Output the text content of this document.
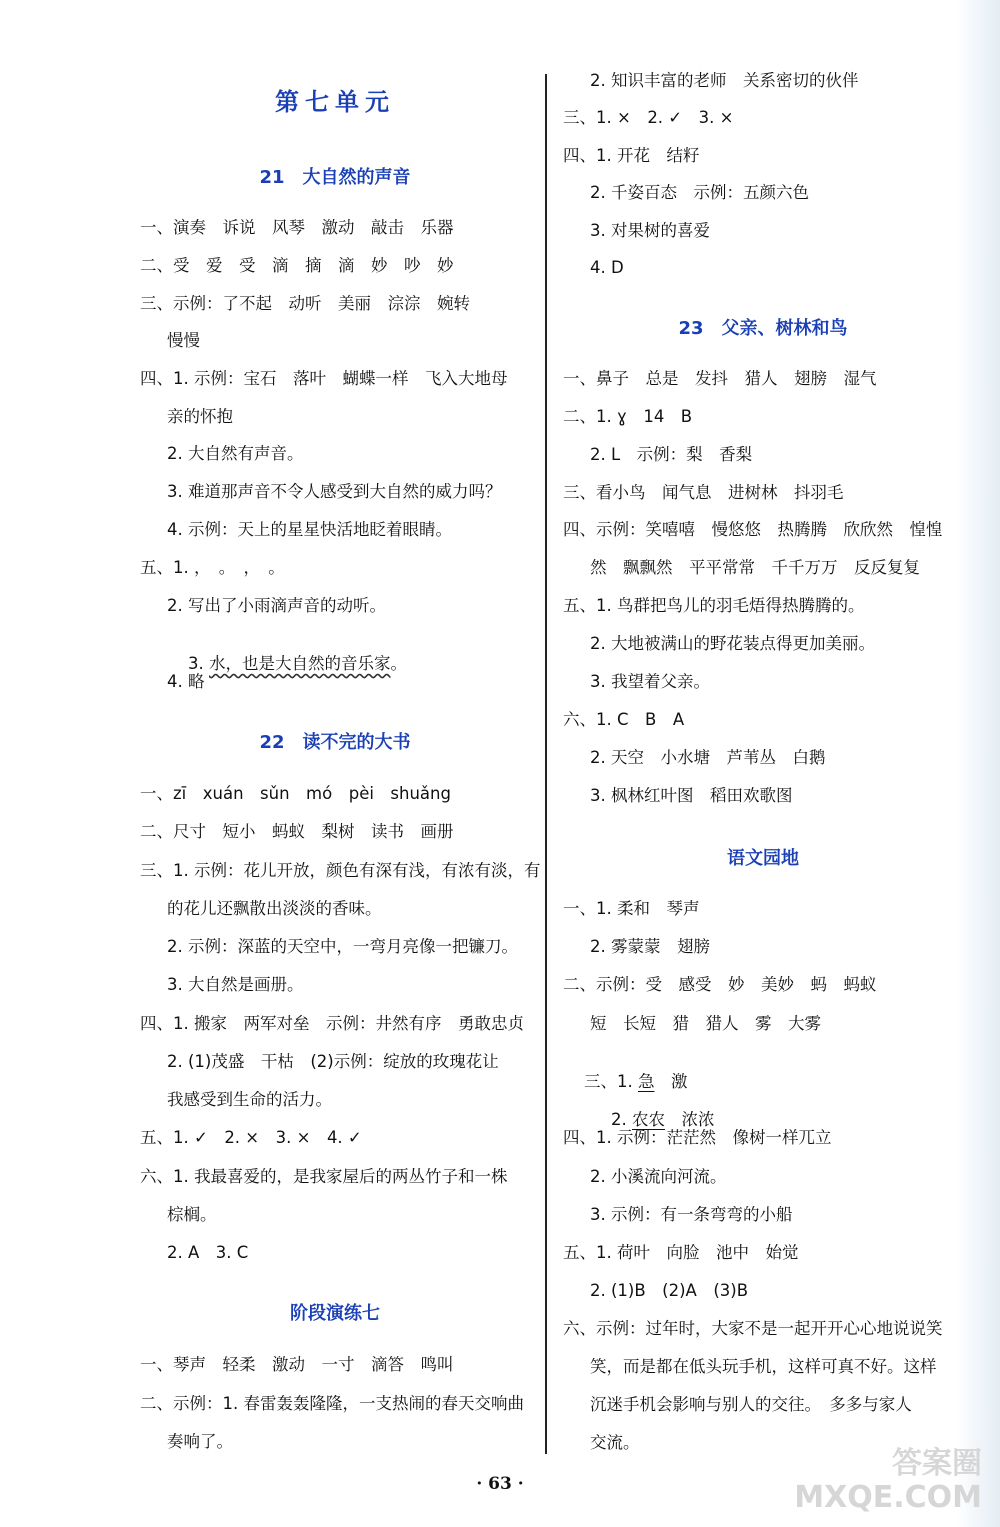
第七单元
21　大自然的声音
一、演奏　诉说　风琴　激动　敲击　乐器
二、受　爱　受　滴　摘　滴　妙　吵　妙
三、示例：了不起　动听　美丽　淙淙　婉转
慢慢
四、1. 示例：宝石　落叶　蝴蝶一样　飞入大地母
亲的怀抱
2. 大自然有声音。
3. 难道那声音不令人感受到大自然的威力吗？
4. 示例：天上的星星快活地眨着眼睛。
五、1. ，　。　，　。
2. 写出了小雨滴声音的动听。

3. 水，也是大自然的音乐家。

4. 略
22　读不完的大书
一、zī　xuán　sǔn　mó　pèi　shuǎng
二、尺寸　短小　蚂蚁　梨树　读书　画册
三、1. 示例：花儿开放，颜色有深有浅，有浓有淡，有
的花儿还飘散出淡淡的香味。
2. 示例：深蓝的天空中，一弯月亮像一把镰刀。
3. 大自然是画册。
四、1. 搬家　两军对垒　示例：井然有序　勇敢忠贞
2. (1)茂盛　干枯　(2)示例：绽放的玫瑰花让
我感受到生命的活力。
五、1. ✓　2. ×　3. ×　4. ✓
六、1. 我最喜爱的，是我家屋后的两丛竹子和一株
棕榈。
2. A　3. C
阶段演练七
一、琴声　轻柔　激动　一寸　滴答　鸣叫
二、示例：1. 春雷轰轰隆隆，一支热闹的春天交响曲
奏响了。
2. 知识丰富的老师　关系密切的伙伴
三、1. ×　2. ✓　3. ×
四、1. 开花　结籽
2. 千姿百态　示例：五颜六色
3. 对果树的喜爱
4. D
23　父亲、树林和鸟
一、鼻子　总是　发抖　猎人　翅膀　湿气
二、1. ɣ　14　B
2. L　示例：梨　香梨
三、看小鸟　闻气息　进树林　抖羽毛
四、示例：笑嘻嘻　慢悠悠　热腾腾　欣欣然　惶惶
然　飘飘然　平平常常　千千万万　反反复复
五、1. 鸟群把鸟儿的羽毛焐得热腾腾的。
2. 大地被满山的野花装点得更加美丽。
3. 我望着父亲。
六、1. C　B　A
2. 天空　小水塘　芦苇丛　白鹅
3. 枫林红叶图　稻田欢歌图
语文园地
一、1. 柔和　琴声
2. 雾蒙蒙　翅膀
二、示例：受　感受　妙　美妙　蚂　蚂蚁
短　长短　猎　猎人　雾　大雾

三、1. 急　激

2. 农农　浓浓

四、1. 示例：茫茫然　像树一样兀立
2. 小溪流向河流。
3. 示例：有一条弯弯的小船
五、1. 荷叶　向脸　池中　始觉
2. (1)B　(2)A　(3)B
六、示例：过年时，大家不是一起开开心心地说说笑
笑，而是都在低头玩手机，这样可真不好。这样
沉迷手机会影响与别人的交往。　多多与家人
交流。
· 63 ·
答案圈
MXQE.COM
